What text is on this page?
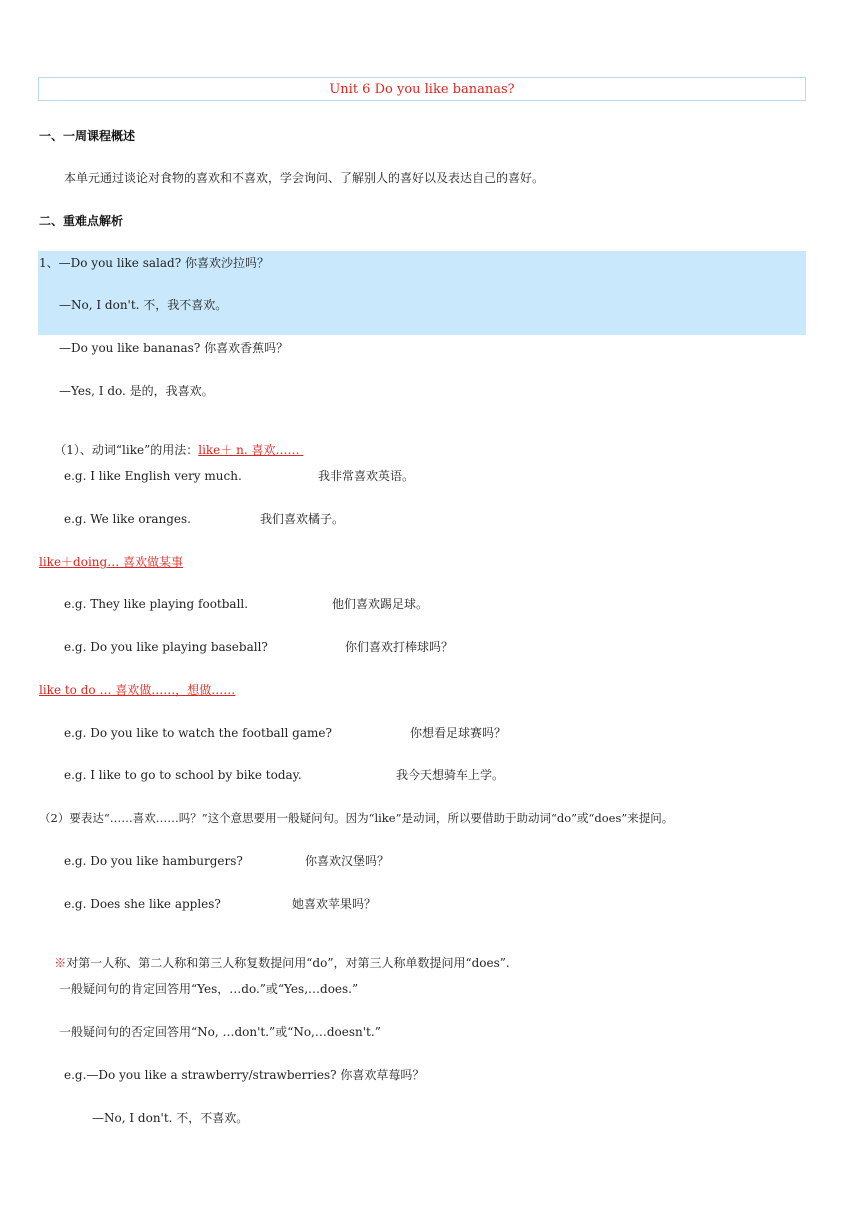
Unit 6 Do you like bananas?
一、一周课程概述
本单元通过谈论对食物的喜欢和不喜欢，学会询问、了解别人的喜好以及表达自己的喜好。
二、重难点解析
1、—Do you like salad? 你喜欢沙拉吗？
—No, I don't. 不，我不喜欢。
—Do you like bananas? 你喜欢香蕉吗？
—Yes, I do. 是的，我喜欢。

（1）、动词“like”的用法：like＋ n. 喜欢……

e.g. I like English very much.	我非常喜欢英语。
e.g. We like oranges.	我们喜欢橘子。
like＋doing… 喜欢做某事
e.g. They like playing football.	他们喜欢踢足球。
e.g. Do you like playing baseball?	你们喜欢打棒球吗？
like to do … 喜欢做……，想做……
e.g. Do you like to watch the football game?	你想看足球赛吗？
e.g. I like to go to school by bike today.	我今天想骑车上学。
（2）要表达“……喜欢……吗？”这个意思要用一般疑问句。因为“like”是动词，所以要借助于助动词“do”或“does”来提问。
e.g. Do you like hamburgers?	你喜欢汉堡吗？
e.g. Does she like apples?	她喜欢苹果吗？

※对第一人称、第二人称和第三人称复数提问用“do”，对第三人称单数提问用“does”.

一般疑问句的肯定回答用“Yes，…do.”或“Yes,…does.”
一般疑问句的否定回答用“No, …don't.”或“No,…doesn't.”
e.g.—Do you like a strawberry/strawberries? 你喜欢草莓吗？
—No, I don't. 不，不喜欢。
